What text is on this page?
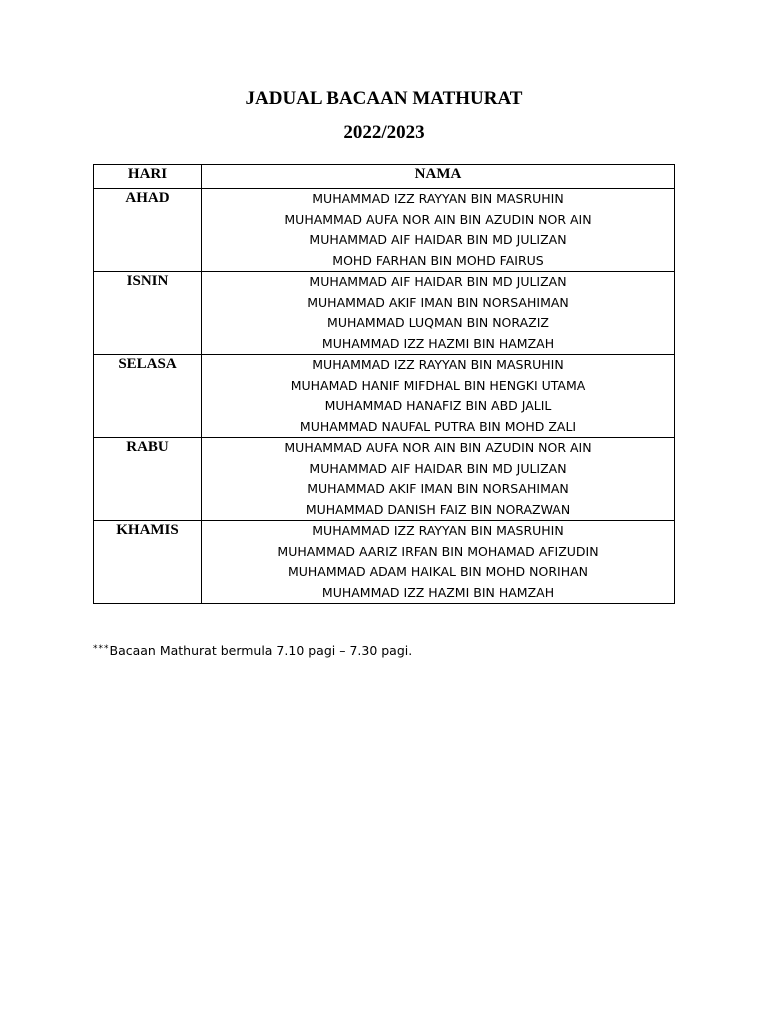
JADUAL BACAAN MATHURAT
2022/2023
HARI	NAMA
AHAD	MUHAMMAD IZZ RAYYAN BIN MASRUHIN
MUHAMMAD AUFA NOR AIN BIN AZUDIN NOR AIN
MUHAMMAD AIF HAIDAR BIN MD JULIZAN
MOHD FARHAN BIN MOHD FAIRUS

ISNIN	MUHAMMAD AIF HAIDAR BIN MD JULIZAN
MUHAMMAD AKIF IMAN BIN NORSAHIMAN
MUHAMMAD LUQMAN BIN NORAZIZ
MUHAMMAD IZZ HAZMI BIN HAMZAH

SELASA	MUHAMMAD IZZ RAYYAN BIN MASRUHIN
MUHAMAD HANIF MIFDHAL BIN HENGKI UTAMA
MUHAMMAD HANAFIZ BIN ABD JALIL
MUHAMMAD NAUFAL PUTRA BIN MOHD ZALI

RABU	MUHAMMAD AUFA NOR AIN BIN AZUDIN NOR AIN
MUHAMMAD AIF HAIDAR BIN MD JULIZAN
MUHAMMAD AKIF IMAN BIN NORSAHIMAN
MUHAMMAD DANISH FAIZ BIN NORAZWAN

KHAMIS	MUHAMMAD IZZ RAYYAN BIN MASRUHIN
MUHAMMAD AARIZ IRFAN BIN MOHAMAD AFIZUDIN
MUHAMMAD ADAM HAIKAL BIN MOHD NORIHAN
MUHAMMAD IZZ HAZMI BIN HAMZAH

***Bacaan Mathurat bermula 7.10 pagi – 7.30 pagi.
